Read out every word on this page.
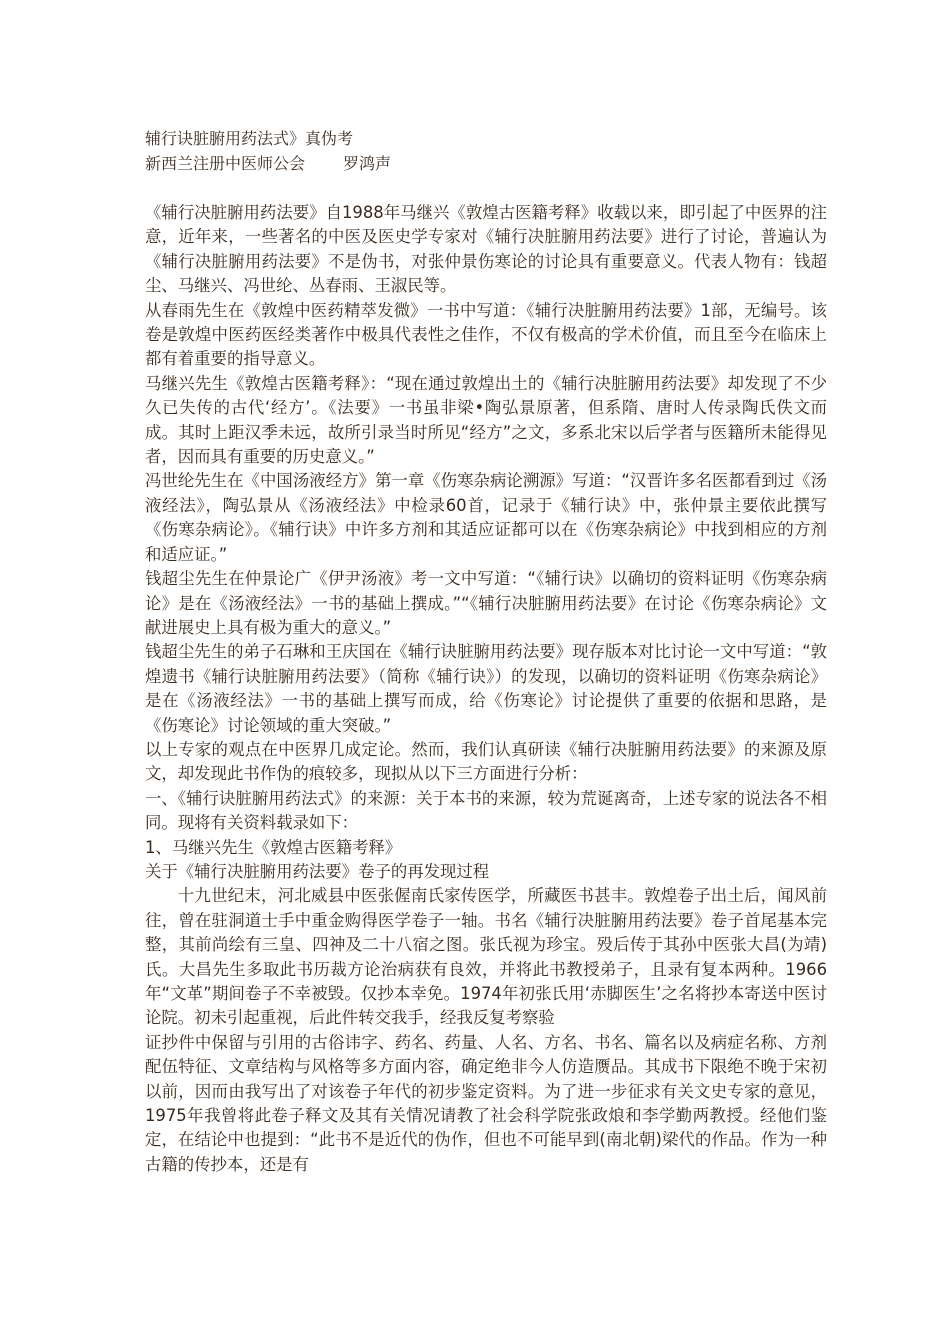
辅行诀脏腑用药法式》真伪考
新西兰注册中医师公会 罗鸿声

《辅行决脏腑用药法要》自1988年马继兴《敦煌古医籍考释》收载以来，即引起了中医界的注意，近年来，一些著名的中医及医史学专家对《辅行决脏腑用药法要》进行了讨论，普遍认为《辅行决脏腑用药法要》不是伪书，对张仲景伤寒论的讨论具有重要意义。代表人物有：钱超尘、马继兴、冯世纶、丛春雨、王淑民等。

从春雨先生在《敦煌中医药精萃发微》一书中写道：《辅行决脏腑用药法要》1部，无编号。该卷是敦煌中医药医经类著作中极具代表性之佳作，不仅有极高的学术价值，而且至今在临床上都有着重要的指导意义。

马继兴先生《敦煌古医籍考释》：“现在通过敦煌出土的《辅行决脏腑用药法要》却发现了不少久已失传的古代‘经方’。《法要》一书虽非梁•陶弘景原著，但系隋、唐时人传录陶氏佚文而成。其时上距汉季未远，故所引录当时所见“经方”之文，多系北宋以后学者与医籍所未能得见者，因而具有重要的历史意义。”

冯世纶先生在《中国汤液经方》第一章《伤寒杂病论溯源》写道：“汉晋许多名医都看到过《汤液经法》，陶弘景从《汤液经法》中检录60首，记录于《辅行诀》中，张仲景主要依此撰写《伤寒杂病论》。《辅行诀》中许多方剂和其适应证都可以在《伤寒杂病论》中找到相应的方剂和适应证。”

钱超尘先生在仲景论广《伊尹汤液》考一文中写道：“《辅行诀》以确切的资料证明《伤寒杂病论》是在《汤液经法》一书的基础上撰成。”“《辅行决脏腑用药法要》在讨论《伤寒杂病论》文献进展史上具有极为重大的意义。”

钱超尘先生的弟子石琳和王庆国在《辅行诀脏腑用药法要》现存版本对比讨论一文中写道：“敦煌遗书《辅行诀脏腑用药法要》（简称《辅行诀》）的发现，以确切的资料证明《伤寒杂病论》是在《汤液经法》一书的基础上撰写而成，给《伤寒论》讨论提供了重要的依据和思路，是《伤寒论》讨论领域的重大突破。”

以上专家的观点在中医界几成定论。然而，我们认真研读《辅行决脏腑用药法要》的来源及原文，却发现此书作伪的痕较多，现拟从以下三方面进行分析：

一、《辅行诀脏腑用药法式》的来源：关于本书的来源，较为荒诞离奇，上述专家的说法各不相同。现将有关资料载录如下：

1、马继兴先生《敦煌古医籍考释》

关于《辅行决脏腑用药法要》卷子的再发现过程

十九世纪末，河北威县中医张偓南氏家传医学，所藏医书甚丰。敦煌卷子出土后，闻风前往，曾在驻洞道士手中重金购得医学卷子一轴。书名《辅行决脏腑用药法要》卷子首尾基本完整，其前尚绘有三皇、四神及二十八宿之图。张氏视为珍宝。殁后传于其孙中医张大昌(为靖)氏。大昌先生多取此书历裁方论治病获有良效，并将此书教授弟子，且录有复本两种。1966年“文革”期间卷子不幸被毁。仅抄本幸免。1974年初张氏用‘赤脚医生’之名将抄本寄送中医讨论院。初未引起重视，后此件转交我手，经我反复考察验

证抄件中保留与引用的古俗讳字、药名、药量、人名、方名、书名、篇名以及病症名称、方剂配伍特征、文章结构与风格等多方面内容，确定绝非今人仿造赝品。其成书下限绝不晚于宋初以前，因而由我写出了对该卷子年代的初步鉴定资料。为了进一步征求有关文史专家的意见，1975年我曾将此卷子释文及其有关情况请教了社会科学院张政烺和李学勤两教授。经他们鉴定，在结论中也提到：“此书不是近代的伪作，但也不可能早到(南北朝)梁代的作品。作为一种古籍的传抄本，还是有
